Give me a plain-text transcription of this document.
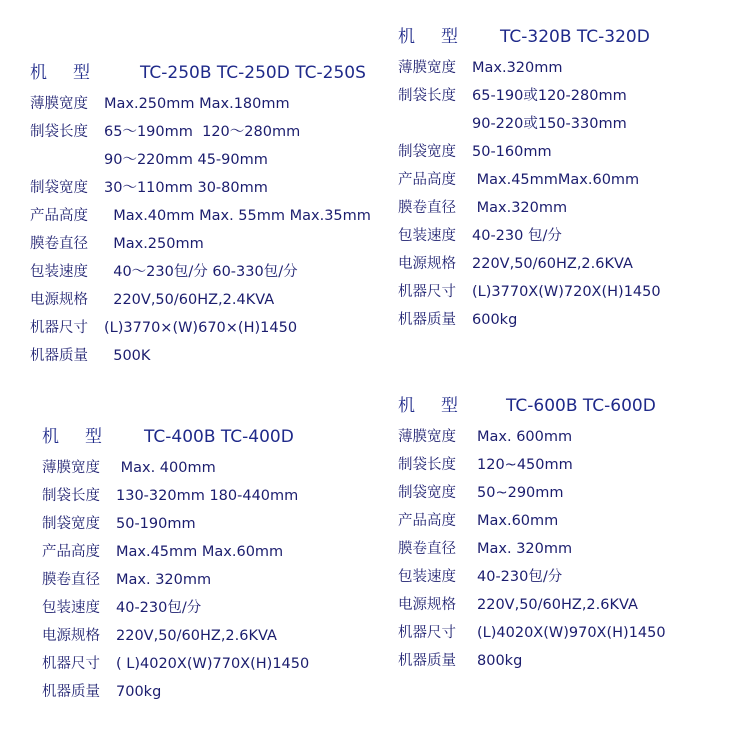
机型 TC-250B TC-250D TC-250S
薄膜宽度	Max.250mm Max.180mm
制袋长度	65～190mm  120～280mm
90～220mm 45-90mm
制袋宽度	30～110mm 30-80mm
产品高度	Max.40mm Max. 55mm Max.35mm
膜卷直径	Max.250mm
包装速度	40～230包/分 60-330包/分
电源规格	220V,50/60HZ,2.4KVA
机器尺寸	(L)3770×(W)670×(H)1450
机器质量	500K
机型 TC-320B TC-320D
薄膜宽度	Max.320mm
制袋长度	65-190或120-280mm
90-220或150-330mm
制袋宽度	50-160mm
产品高度	Max.45mmMax.60mm
膜卷直径	Max.320mm
包装速度	40-230 包/分
电源规格	220V,50/60HZ,2.6KVA
机器尺寸	(L)3770X(W)720X(H)1450
机器质量	600kg
机型 TC-400B TC-400D
薄膜宽度	Max. 400mm
制袋长度	130-320mm 180-440mm
制袋宽度	50-190mm
产品高度	Max.45mm Max.60mm
膜卷直径	Max. 320mm
包装速度	40-230包/分
电源规格	220V,50/60HZ,2.6KVA
机器尺寸	( L)4020X(W)770X(H)1450
机器质量	700kg
机型 TC-600B TC-600D
薄膜宽度	Max. 600mm
制袋长度	120~450mm
制袋宽度	50~290mm
产品高度	Max.60mm
膜卷直径	Max. 320mm
包装速度	40-230包/分
电源规格	220V,50/60HZ,2.6KVA
机器尺寸	(L)4020X(W)970X(H)1450
机器质量	800kg
